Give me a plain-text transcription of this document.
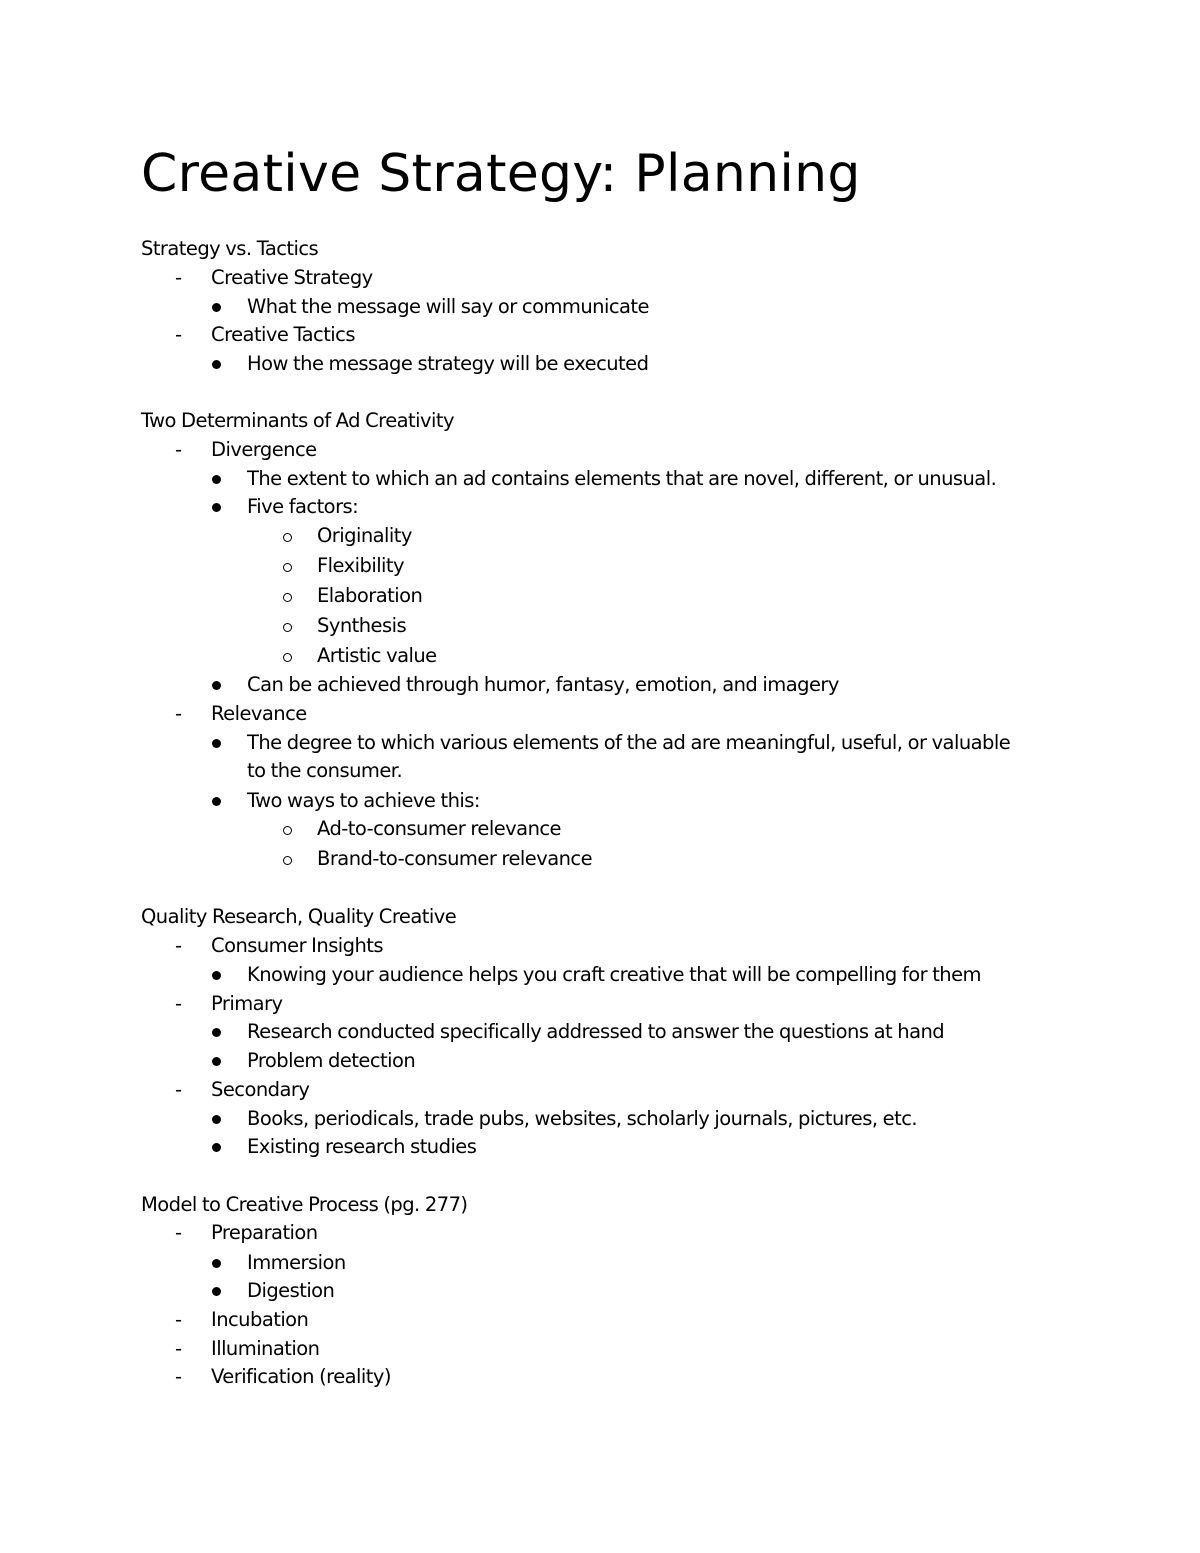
Creative Strategy: Planning
Strategy vs. Tactics
- Creative Strategy
What the message will say or communicate
- Creative Tactics
How the message strategy will be executed
Two Determinants of Ad Creativity
- Divergence
The extent to which an ad contains elements that are novel, different, or unusual.
Five factors:
Originality
Flexibility
Elaboration
Synthesis
Artistic value
Can be achieved through humor, fantasy, emotion, and imagery
- Relevance
The degree to which various elements of the ad are meaningful, useful, or valuable
to the consumer.
Two ways to achieve this:
Ad-to-consumer relevance
Brand-to-consumer relevance
Quality Research, Quality Creative
- Consumer Insights
Knowing your audience helps you craft creative that will be compelling for them
- Primary
Research conducted specifically addressed to answer the questions at hand
Problem detection
- Secondary
Books, periodicals, trade pubs, websites, scholarly journals, pictures, etc.
Existing research studies
Model to Creative Process (pg. 277)
- Preparation
Immersion
Digestion
- Incubation
- Illumination
- Verification (reality)
